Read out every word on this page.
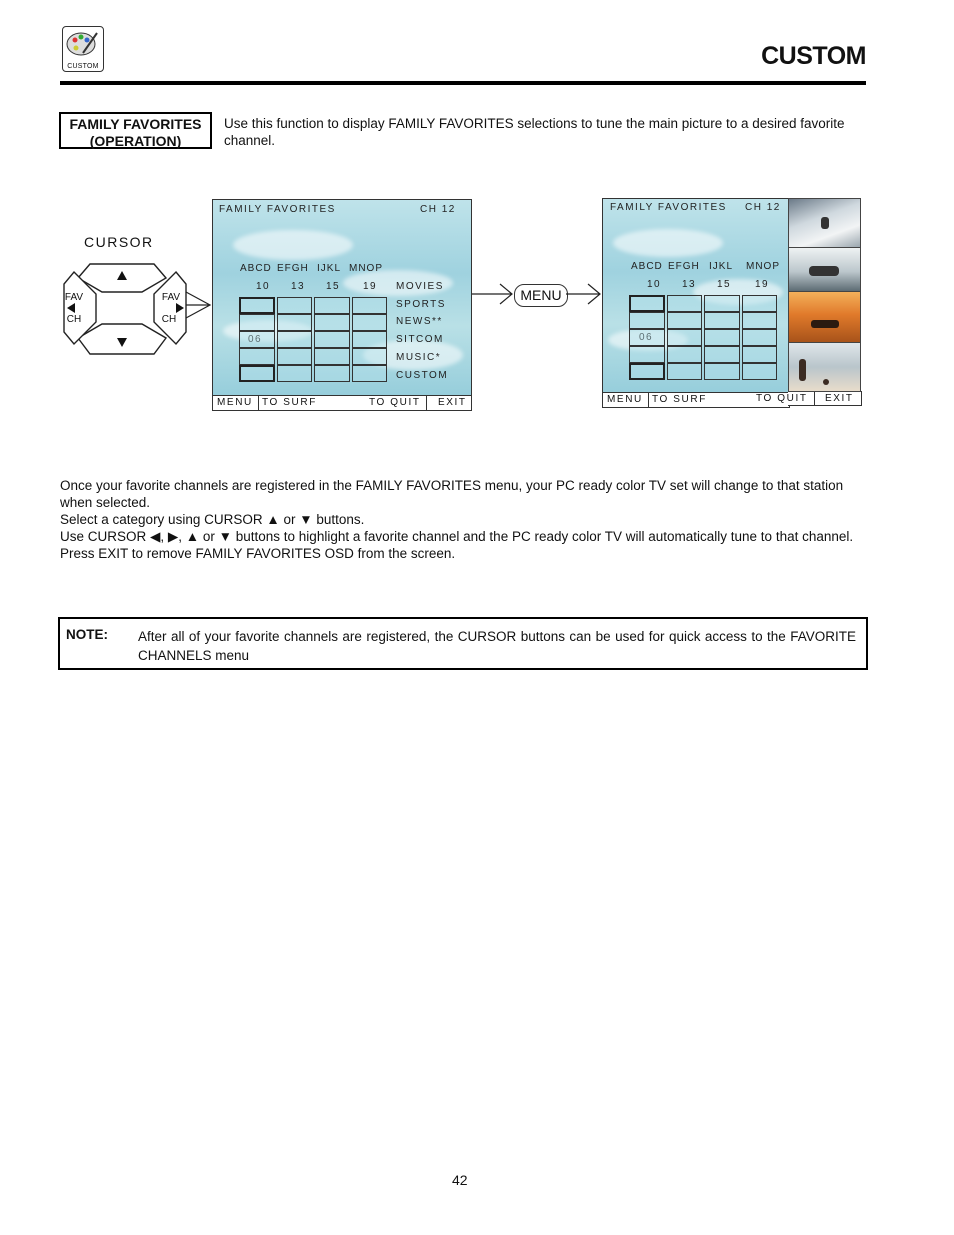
CUSTOM	CUSTOM
FAMILY FAVORITES
(OPERATION)
Use this function to display FAMILY FAVORITES selections to tune the main picture to a desired favorite channel.
CURSOR
FAV
CH
FAV
CH
MENU
FAMILY FAVORITES	CH 12
ABCD EFGH IJKL MNOP
10 13 15 19
06
MOVIES
SPORTS
NEWS**
SITCOM
MUSIC*
CUSTOM
MENU TO SURF	TO QUIT EXIT
FAMILY FAVORITES CH 12
ABCD EFGH IJKL MNOP
10 13 15 19
06
MENU TO SURF	TO QUIT EXIT

Once your favorite channels are registered in the FAMILY FAVORITES menu, your PC ready color TV set will change to that station when selected.

Select a category using CURSOR ▲ or ▼ buttons.

Use CURSOR ◀, ▶, ▲ or ▼ buttons to highlight a favorite channel and the PC ready color TV will automatically tune to that channel.

Press EXIT to remove FAMILY FAVORITES OSD from the screen.

NOTE: After all of your favorite channels are registered, the CURSOR buttons can be used for quick access to the FAVORITE CHANNELS menu
42
